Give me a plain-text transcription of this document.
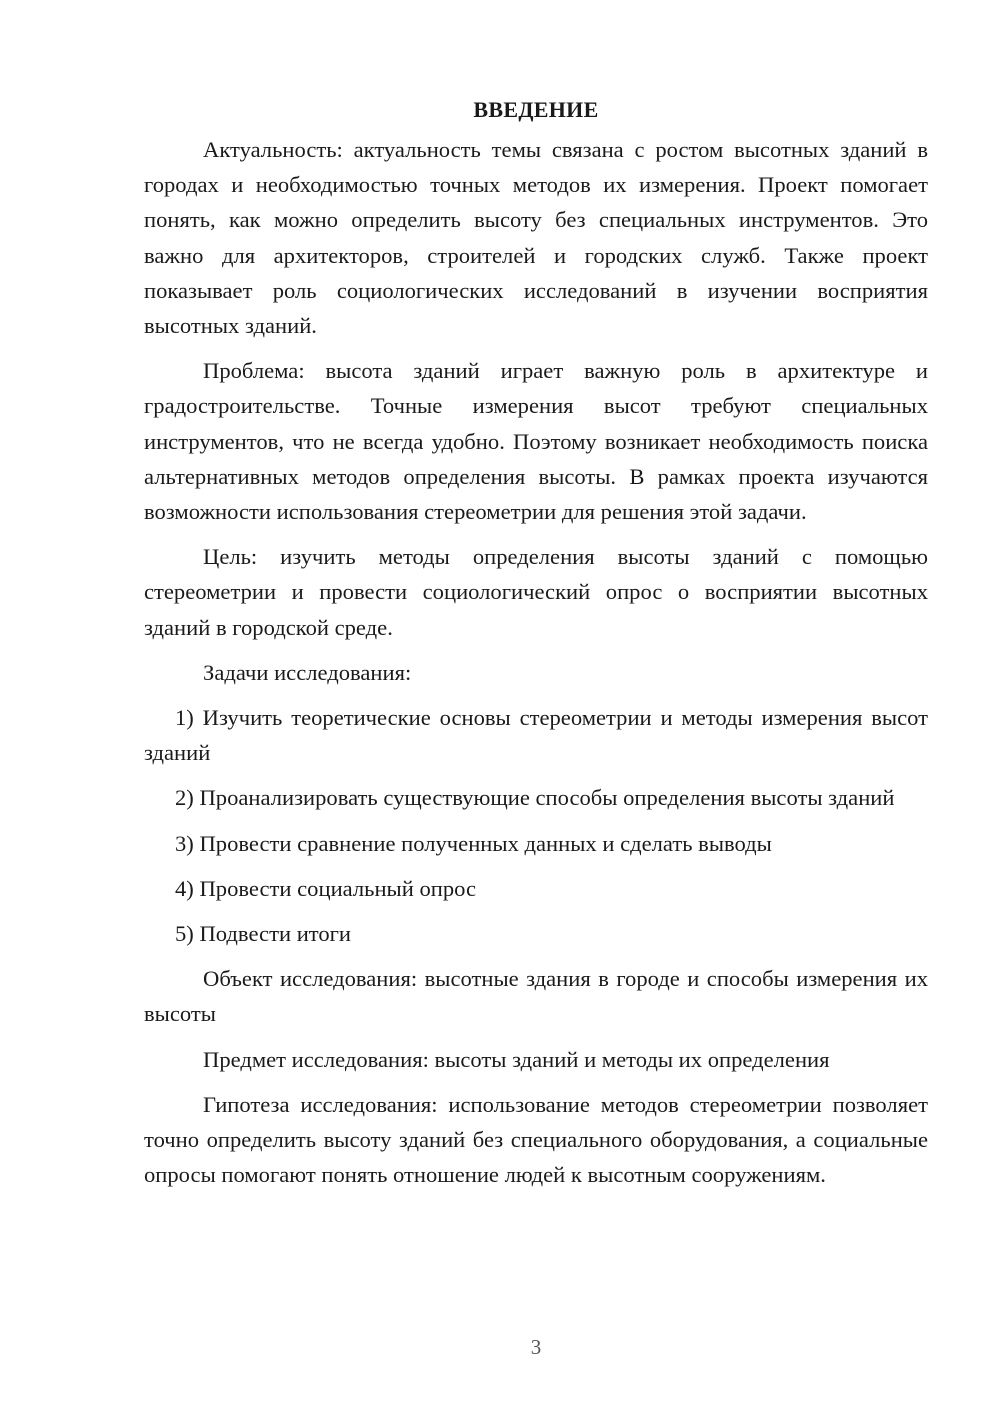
ВВЕДЕНИЕ

Актуальность: актуальность темы связана с ростом высотных зданий в городах и необходимостью точных методов их измерения. Проект помогает понять, как можно определить высоту без специальных инструментов. Это важно для архитекторов, строителей и городских служб. Также проект показывает роль социологических исследований в изучении восприятия высотных зданий.

Проблема: высота зданий играет важную роль в архитектуре и градостроительстве. Точные измерения высот требуют специальных инструментов, что не всегда удобно. Поэтому возникает необходимость поиска альтернативных методов определения высоты. В рамках проекта изучаются возможности использования стереометрии для решения этой задачи.

Цель: изучить методы определения высоты зданий с помощью стереометрии и провести социологический опрос о восприятии высотных зданий в городской среде.

Задачи исследования:

1) Изучить теоретические основы стереометрии и методы измерения высот зданий

2) Проанализировать существующие способы определения высоты зданий

3) Провести сравнение полученных данных и сделать выводы

4) Провести социальный опрос

5) Подвести итоги

Объект исследования: высотные здания в городе и способы измерения их высоты

Предмет исследования: высоты зданий и методы их определения

Гипотеза исследования: использование методов стереометрии позволяет точно определить высоту зданий без специального оборудования, а социальные опросы помогают понять отношение людей к высотным сооружениям.

3
